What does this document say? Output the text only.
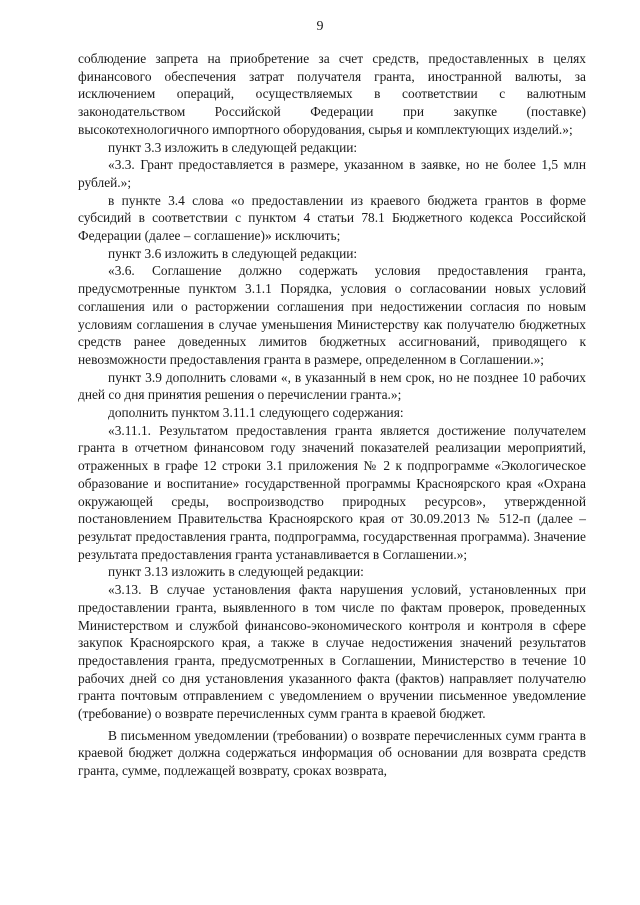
9

соблюдение запрета на приобретение за счет средств, предоставленных в целях финансового обеспечения затрат получателя гранта, иностранной валюты, за исключением операций, осуществляемых в соответствии с валютным законодательством Российской Федерации при закупке (поставке) высокотехнологичного импортного оборудования, сырья и комплектующих изделий.»;

пункт 3.3 изложить в следующей редакции:

«3.3. Грант предоставляется в размере, указанном в заявке, но не более 1,5 млн рублей.»;

в пункте 3.4 слова «о предоставлении из краевого бюджета грантов в форме субсидий в соответствии с пунктом 4 статьи 78.1 Бюджетного кодекса Российской Федерации (далее – соглашение)» исключить;

пункт 3.6 изложить в следующей редакции:

«3.6. Соглашение должно содержать условия предоставления гранта, предусмотренные пунктом 3.1.1 Порядка, условия о согласовании новых условий соглашения или о расторжении соглашения при недостижении согласия по новым условиям соглашения в случае уменьшения Министерству как получателю бюджетных средств ранее доведенных лимитов бюджетных ассигнований, приводящего к невозможности предоставления гранта в размере, определенном в Соглашении.»;

пункт 3.9 дополнить словами «, в указанный в нем срок, но не позднее 10 рабочих дней со дня принятия решения о перечислении гранта.»;

дополнить пунктом 3.11.1 следующего содержания:

«3.11.1. Результатом предоставления гранта является достижение получателем гранта в отчетном финансовом году значений показателей реализации мероприятий, отраженных в графе 12 строки 3.1 приложения № 2 к подпрограмме «Экологическое образование и воспитание» государственной программы Красноярского края «Охрана окружающей среды, воспроизводство природных ресурсов», утвержденной постановлением Правительства Красноярского края от 30.09.2013 № 512-п (далее – результат предоставления гранта, подпрограмма, государственная программа). Значение результата предоставления гранта устанавливается в Соглашении.»;

пункт 3.13 изложить в следующей редакции:

«3.13. В случае установления факта нарушения условий, установленных при предоставлении гранта, выявленного в том числе по фактам проверок, проведенных Министерством и службой финансово-экономического контроля и контроля в сфере закупок Красноярского края, а также в случае недостижения значений результатов предоставления гранта, предусмотренных в Соглашении, Министерство в течение 10 рабочих дней со дня установления указанного факта (фактов) направляет получателю гранта почтовым отправлением с уведомлением о вручении письменное уведомление (требование) о возврате перечисленных сумм гранта в краевой бюджет.

В письменном уведомлении (требовании) о возврате перечисленных сумм гранта в краевой бюджет должна содержаться информация об основании для возврата средств гранта, сумме, подлежащей возврату, сроках возврата,
